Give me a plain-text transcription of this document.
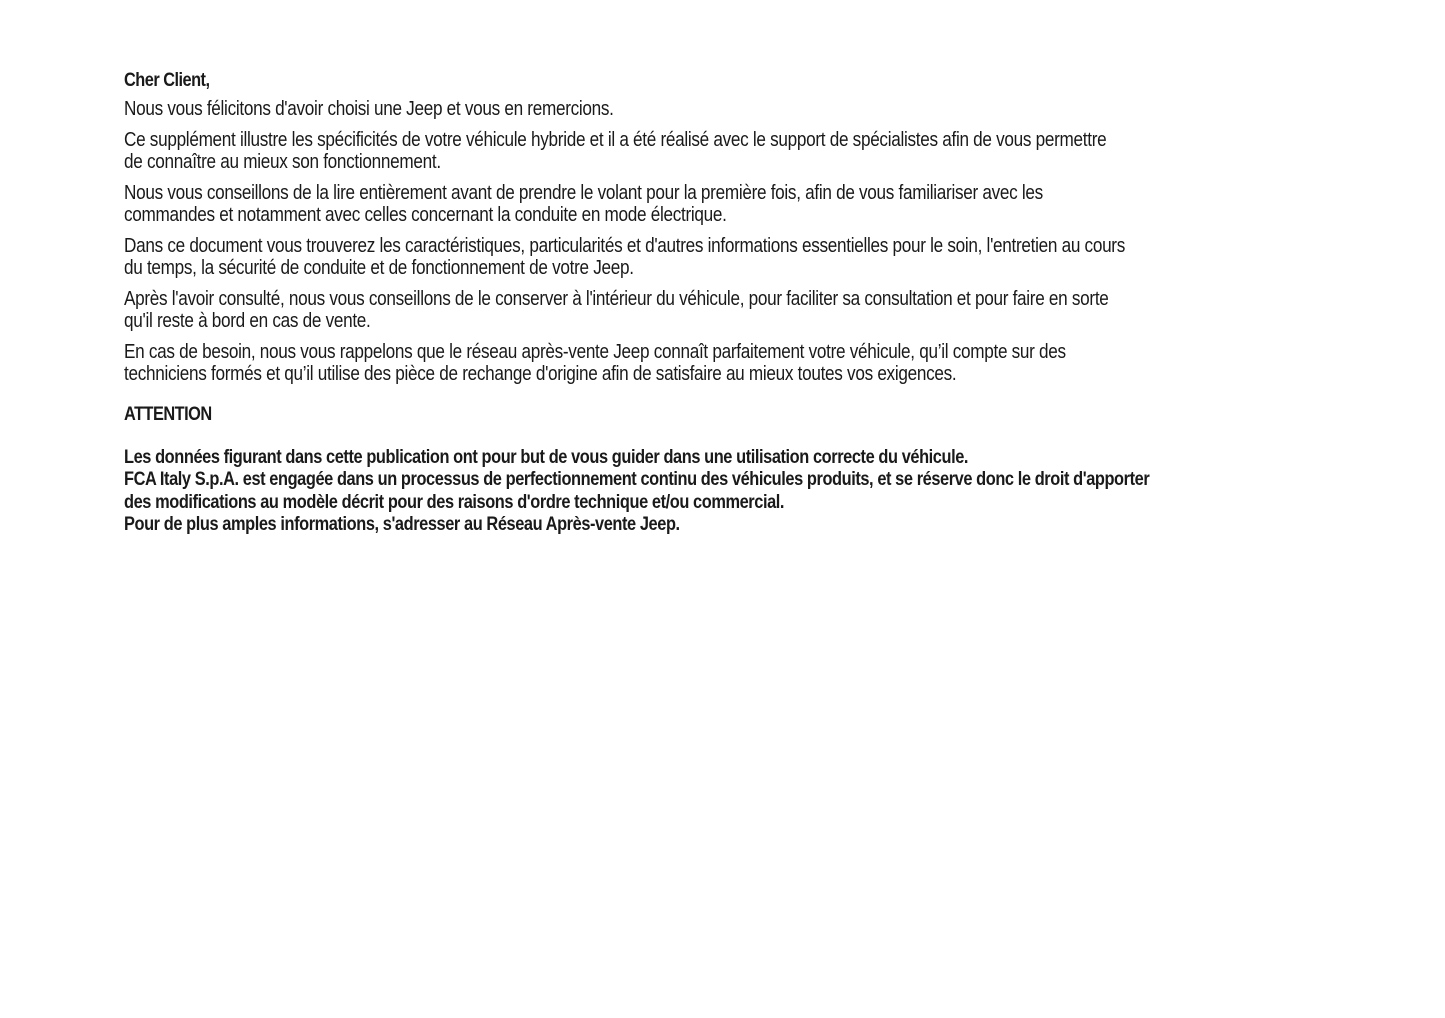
Cher Client,

Nous vous félicitons d'avoir choisi une Jeep et vous en remercions.

Ce supplément illustre les spécificités de votre véhicule hybride et il a été réalisé avec le support de spécialistes afin de vous permettre
de connaître au mieux son fonctionnement.

Nous vous conseillons de la lire entièrement avant de prendre le volant pour la première fois, afin de vous familiariser avec les
commandes et notamment avec celles concernant la conduite en mode électrique.

Dans ce document vous trouverez les caractéristiques, particularités et d'autres informations essentielles pour le soin, l'entretien au cours
du temps, la sécurité de conduite et de fonctionnement de votre Jeep.

Après l'avoir consulté, nous vous conseillons de le conserver à l'intérieur du véhicule, pour faciliter sa consultation et pour faire en sorte
qu'il reste à bord en cas de vente.

En cas de besoin, nous vous rappelons que le réseau après-vente Jeep connaît parfaitement votre véhicule, qu’il compte sur des
techniciens formés et qu’il utilise des pièce de rechange d'origine afin de satisfaire au mieux toutes vos exigences.

ATTENTION

Les données figurant dans cette publication ont pour but de vous guider dans une utilisation correcte du véhicule.
FCA Italy S.p.A. est engagée dans un processus de perfectionnement continu des véhicules produits, et se réserve donc le droit d'apporter
des modifications au modèle décrit pour des raisons d'ordre technique et/ou commercial.
Pour de plus amples informations, s'adresser au Réseau Après-vente Jeep.
